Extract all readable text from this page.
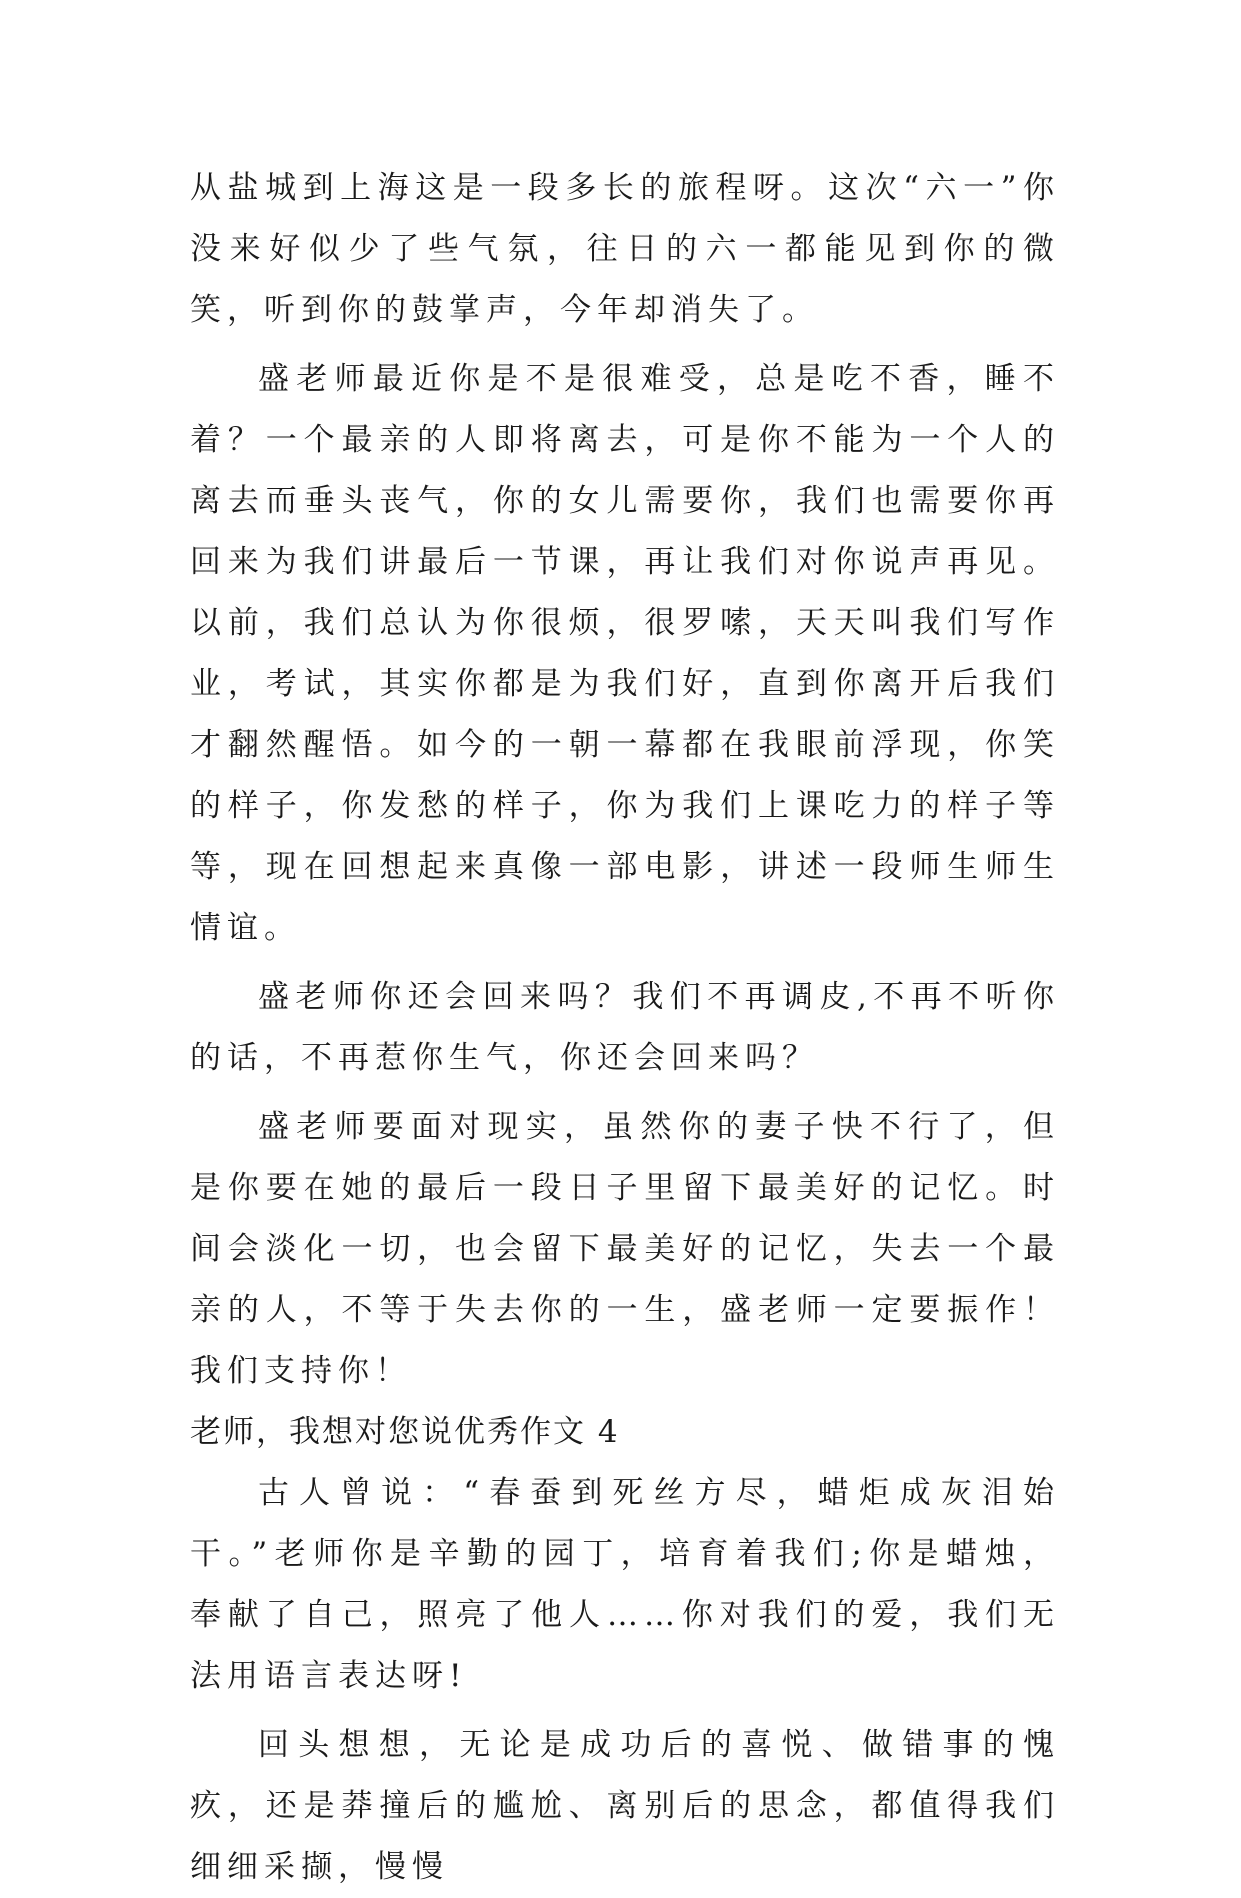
从盐城到上海这是一段多长的旅程呀。这次“六一”你没来好似少了些气氛，往日的六一都能见到你的微笑，听到你的鼓掌声，今年却消失了。

盛老师最近你是不是很难受，总是吃不香，睡不着？一个最亲的人即将离去，可是你不能为一个人的离去而垂头丧气，你的女儿需要你，我们也需要你再回来为我们讲最后一节课，再让我们对你说声再见。以前，我们总认为你很烦，很罗嗦，天天叫我们写作业，考试，其实你都是为我们好，直到你离开后我们才翻然醒悟。如今的一朝一幕都在我眼前浮现，你笑的样子，你发愁的样子，你为我们上课吃力的样子等等，现在回想起来真像一部电影，讲述一段师生师生情谊。

盛老师你还会回来吗？我们不再调皮,不再不听你的话，不再惹你生气，你还会回来吗？

盛老师要面对现实，虽然你的妻子快不行了，但是你要在她的最后一段日子里留下最美好的记忆。时间会淡化一切，也会留下最美好的记忆，失去一个最亲的人，不等于失去你的一生，盛老师一定要振作！我们支持你！

老师，我想对您说优秀作文 4

古人曾说：“春蚕到死丝方尽，蜡炬成灰泪始干。”老师你是辛勤的园丁，培育着我们;你是蜡烛，奉献了自己，照亮了他人……你对我们的爱，我们无法用语言表达呀!

回头想想，无论是成功后的喜悦、做错事的愧疚，还是莽撞后的尴尬、离别后的思念，都值得我们细细采撷，慢慢
